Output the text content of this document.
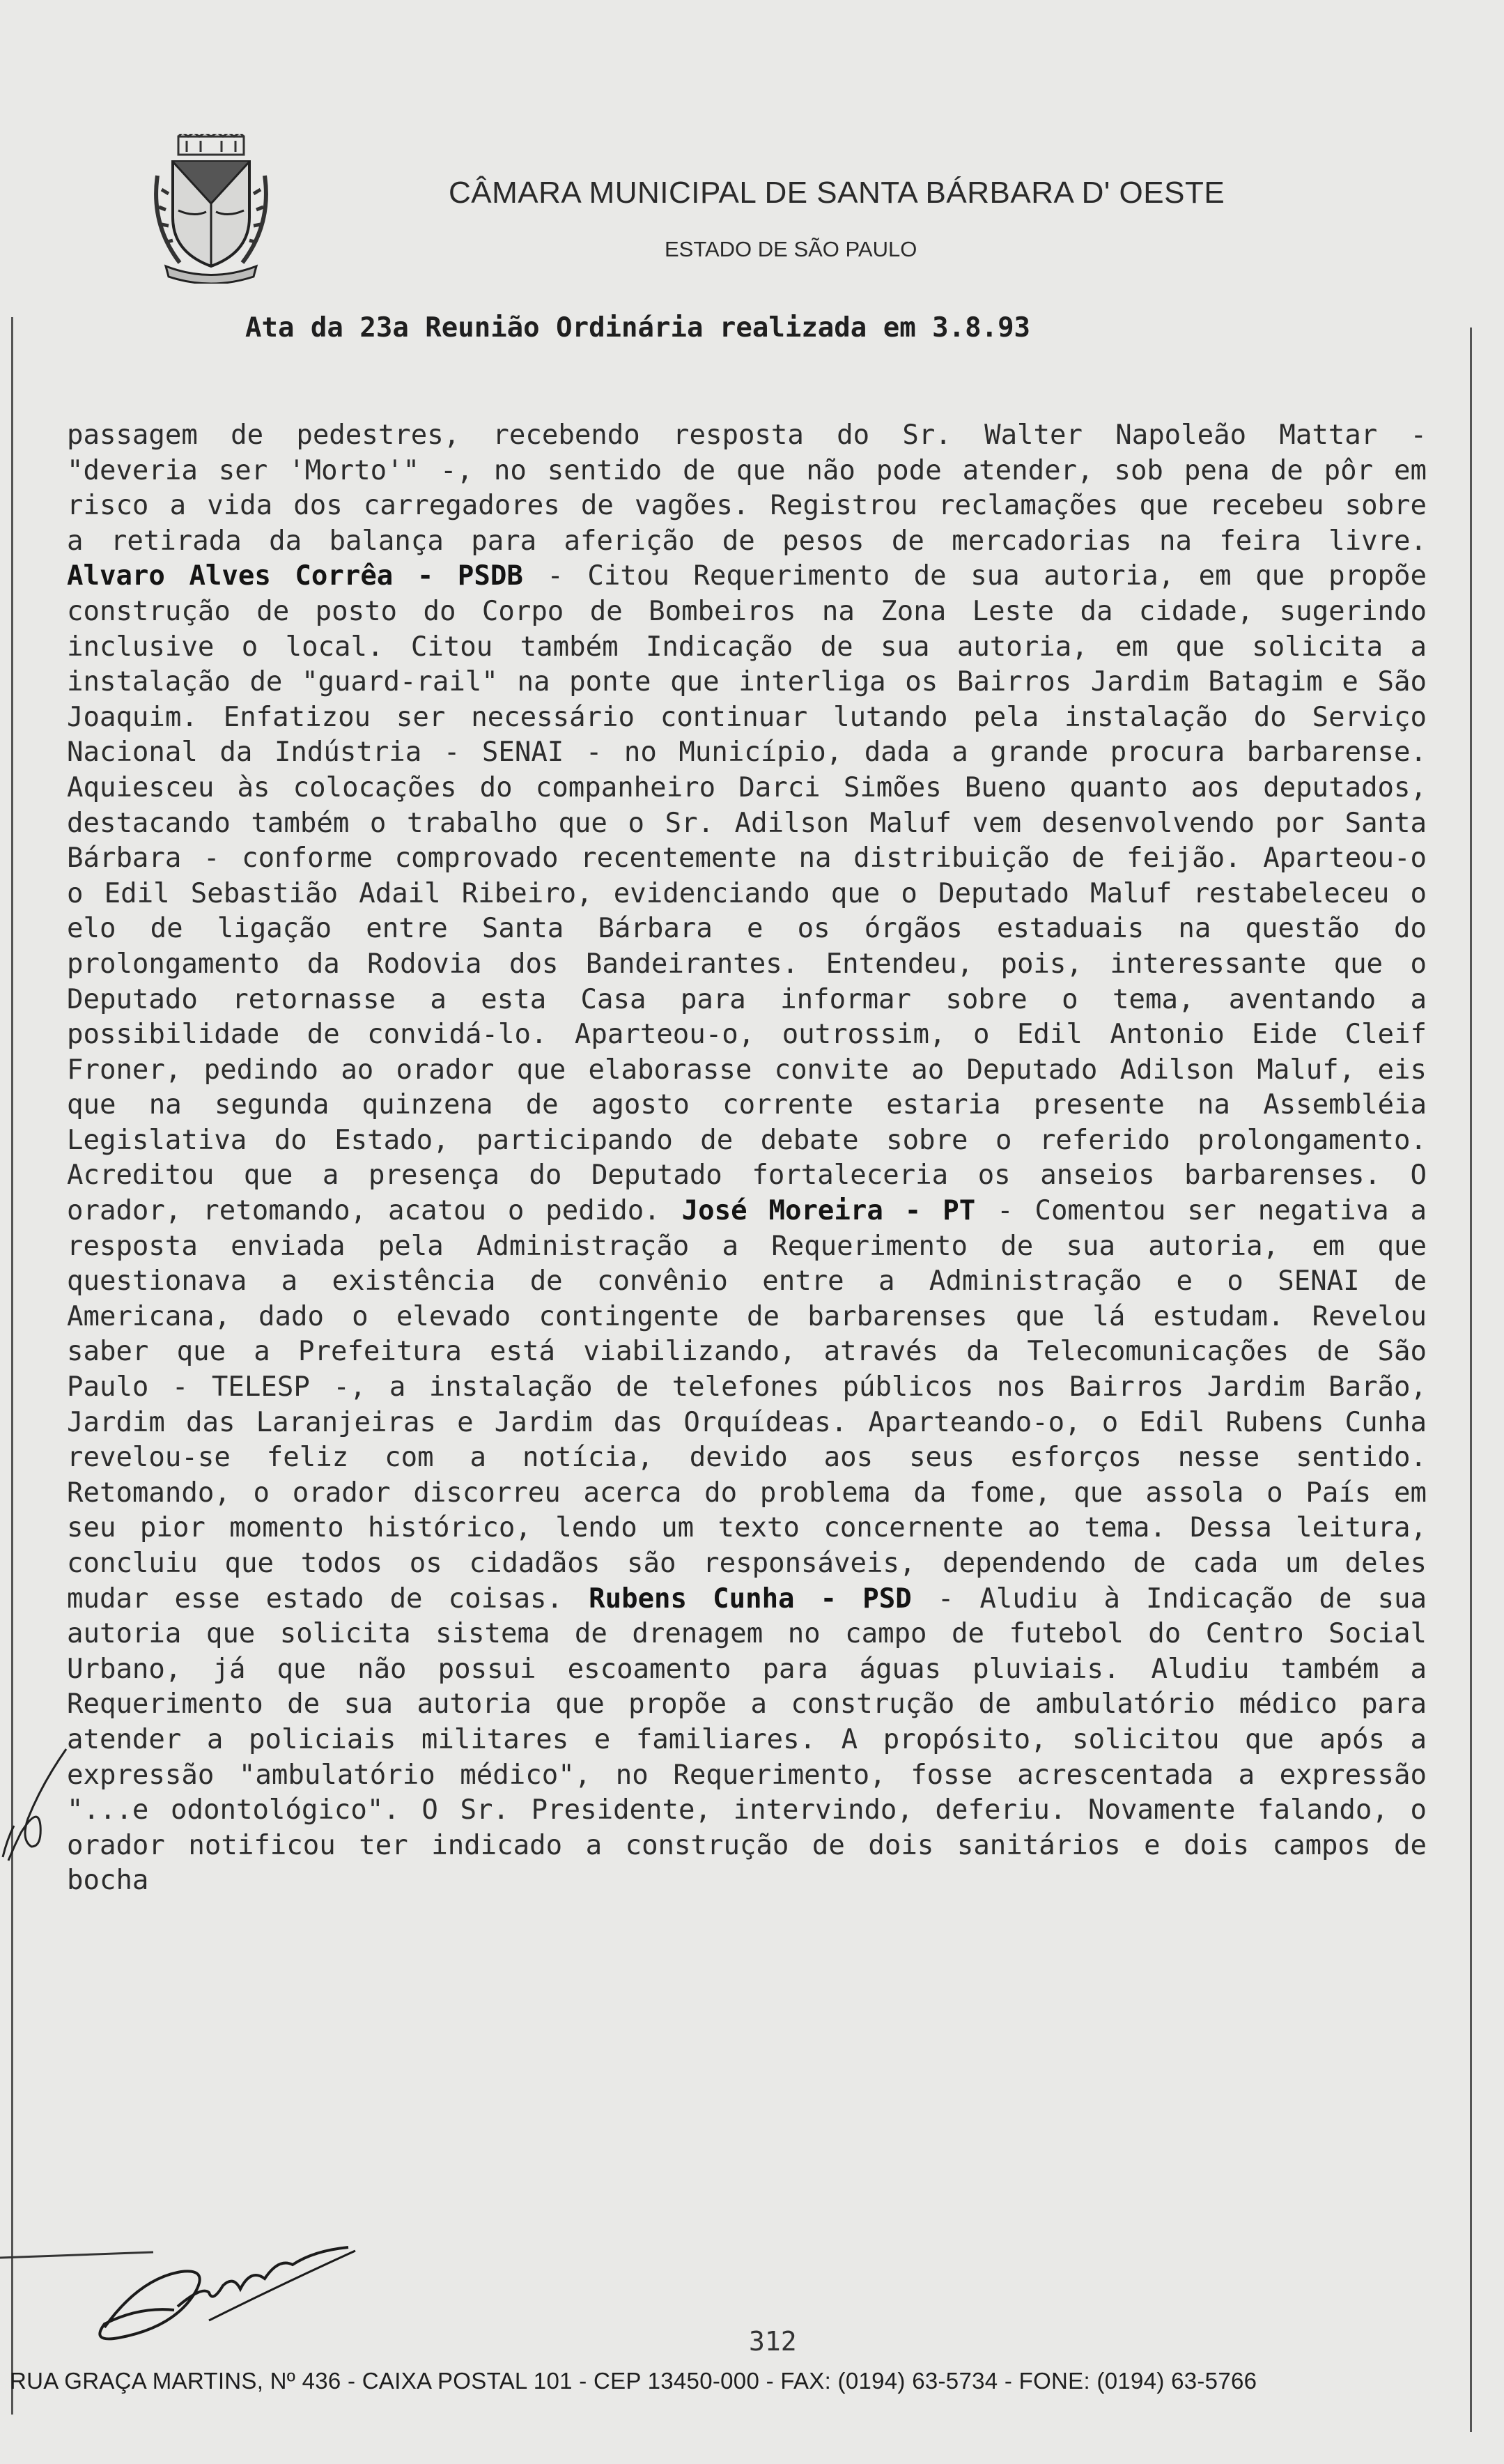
CÂMARA MUNICIPAL DE SANTA BÁRBARA D' OESTE
ESTADO DE SÃO PAULO
Ata da 23a Reunião Ordinária realizada em 3.8.93
passagem de pedestres, recebendo resposta do Sr. Walter Napoleão Mattar - "deveria ser 'Morto'" -, no sentido de que não pode atender, sob pena de pôr em risco a vida dos carregadores de vagões. Registrou reclamações que recebeu sobre a retirada da balança para aferição de pesos de mercadorias na feira livre. Alvaro Alves Corrêa - PSDB - Citou Requerimento de sua autoria, em que propõe construção de posto do Corpo de Bombeiros na Zona Leste da cidade, sugerindo inclusive o local. Citou também Indicação de sua autoria, em que solicita a instalação de "guard-rail" na ponte que interliga os Bairros Jardim Batagim e São Joaquim. Enfatizou ser necessário continuar lutando pela instalação do Serviço Nacional da Indústria - SENAI - no Município, dada a grande procura barbarense. Aquiesceu às colocações do companheiro Darci Simões Bueno quanto aos deputados, destacando também o trabalho que o Sr. Adilson Maluf vem desenvolvendo por Santa Bárbara - conforme comprovado recentemente na distribuição de feijão. Aparteou-o o Edil Sebastião Adail Ribeiro, evidenciando que o Deputado Maluf restabeleceu o elo de ligação entre Santa Bárbara e os órgãos estaduais na questão do prolongamento da Rodovia dos Bandeirantes. Entendeu, pois, interessante que o Deputado retornasse a esta Casa para informar sobre o tema, aventando a possibilidade de convidá-lo. Aparteou-o, outrossim, o Edil Antonio Eide Cleif Froner, pedindo ao orador que elaborasse convite ao Deputado Adilson Maluf, eis que na segunda quinzena de agosto corrente estaria presente na Assembléia Legislativa do Estado, participando de debate sobre o referido prolongamento. Acreditou que a presença do Deputado fortaleceria os anseios barbarenses. O orador, retomando, acatou o pedido. José Moreira - PT - Comentou ser negativa a resposta enviada pela Administração a Requerimento de sua autoria, em que questionava a existência de convênio entre a Administração e o SENAI de Americana, dado o elevado contingente de barbarenses que lá estudam. Revelou saber que a Prefeitura está viabilizando, através da Telecomunicações de São Paulo - TELESP -, a instalação de telefones públicos nos Bairros Jardim Barão, Jardim das Laranjeiras e Jardim das Orquídeas. Aparteando-o, o Edil Rubens Cunha revelou-se feliz com a notícia, devido aos seus esforços nesse sentido. Retomando, o orador discorreu acerca do problema da fome, que assola o País em seu pior momento histórico, lendo um texto concernente ao tema. Dessa leitura, concluiu que todos os cidadãos são responsáveis, dependendo de cada um deles mudar esse estado de coisas. Rubens Cunha - PSD - Aludiu à Indicação de sua autoria que solicita sistema de drenagem no campo de futebol do Centro Social Urbano, já que não possui escoamento para águas pluviais. Aludiu também a Requerimento de sua autoria que propõe a construção de ambulatório médico para atender a policiais militares e familiares. A propósito, solicitou que após a expressão "ambulatório médico", no Requerimento, fosse acrescentada a expressão "...e odontológico". O Sr. Presidente, intervindo, deferiu. Novamente falando, o orador notificou ter indicado a construção de dois sanitários e dois campos de bocha
312
RUA GRAÇA MARTINS, Nº 436 - CAIXA POSTAL 101 - CEP 13450-000 - FAX: (0194) 63-5734 - FONE: (0194) 63-5766
